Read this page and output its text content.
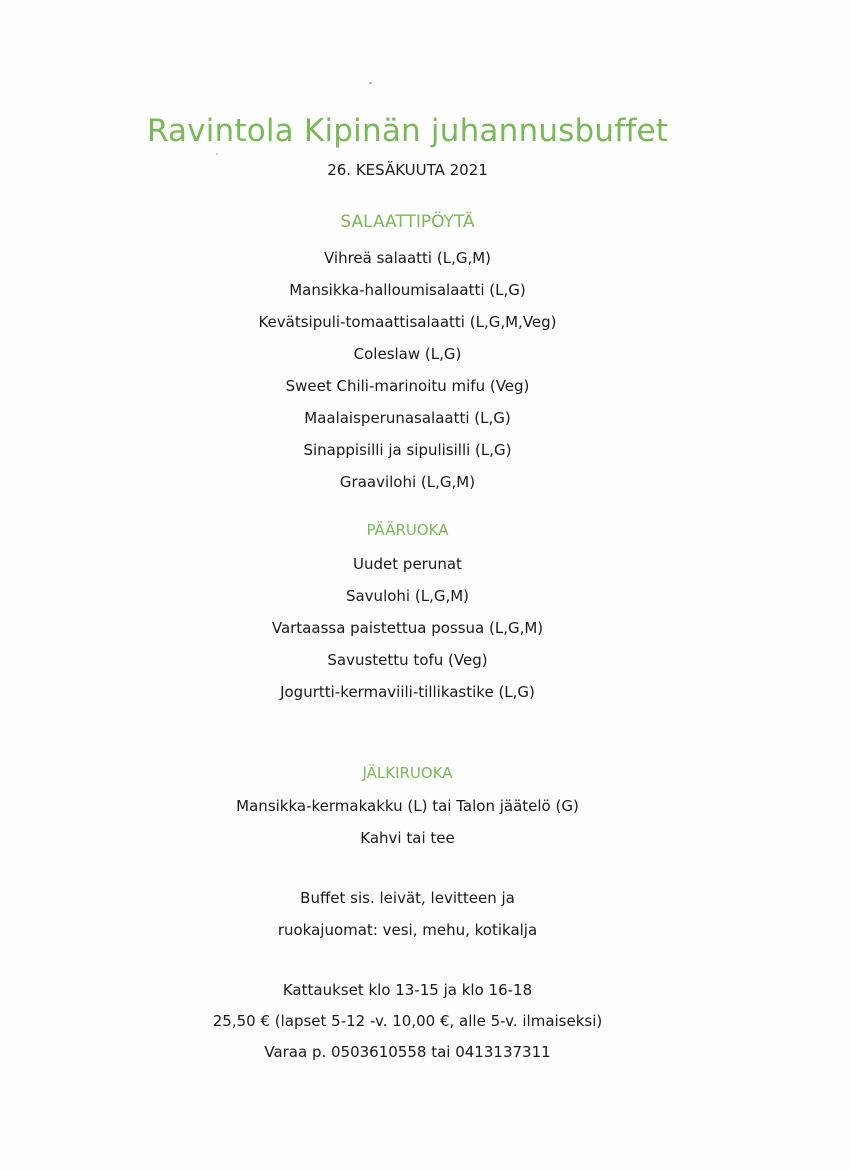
Ravintola Kipinän juhannusbuffet
26. KESÄKUUTA 2021
SALAATTIPÖYTÄ
Vihreä salaatti (L,G,M)
Mansikka-halloumisalaatti (L,G)
Kevätsipuli-tomaattisalaatti (L,G,M,Veg)
Coleslaw (L,G)
Sweet Chili-marinoitu mifu (Veg)
Maalaisperunasalaatti (L,G)
Sinappisilli ja sipulisilli (L,G)
Graavilohi (L,G,M)
PÄÄRUOKA
Uudet perunat
Savulohi (L,G,M)
Vartaassa paistettua possua (L,G,M)
Savustettu tofu (Veg)
Jogurtti-kermaviili-tillikastike (L,G)
JÄLKIRUOKA
Mansikka-kermakakku (L) tai Talon jäätelö (G)
Kahvi tai tee
Buffet sis. leivät, levitteen ja
ruokajuomat: vesi, mehu, kotikalja
Kattaukset klo 13-15 ja klo 16-18
25,50 € (lapset 5-12 -v. 10,00 €, alle 5-v. ilmaiseksi)
Varaa p. 0503610558 tai 0413137311
